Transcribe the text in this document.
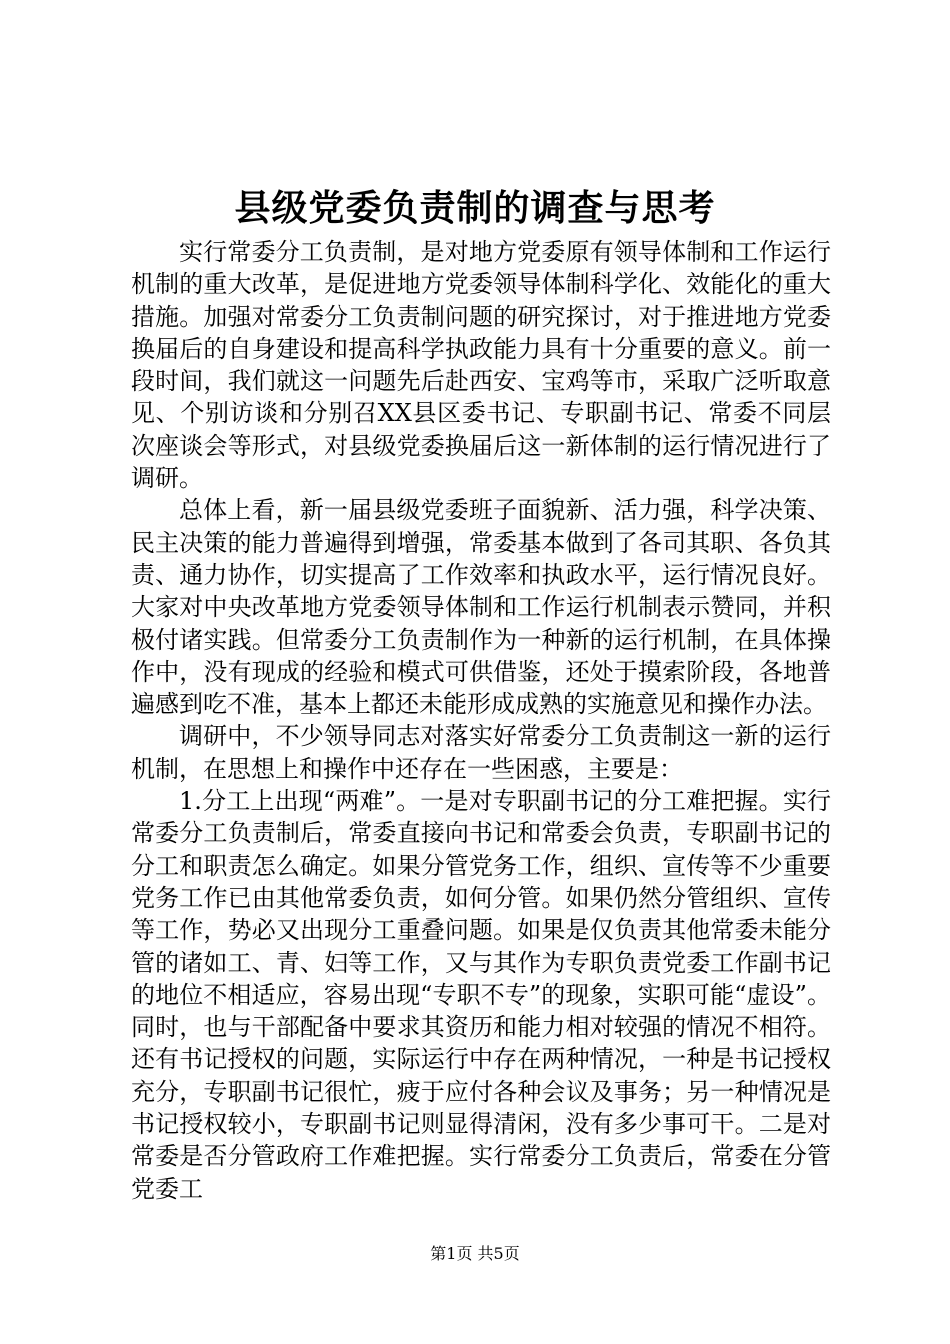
县级党委负责制的调查与思考

实行常委分工负责制，是对地方党委原有领导体制和工作运行机制的重大改革，是促进地方党委领导体制科学化、效能化的重大措施。加强对常委分工负责制问题的研究探讨，对于推进地方党委换届后的自身建设和提高科学执政能力具有十分重要的意义。前一段时间，我们就这一问题先后赴西安、宝鸡等市，采取广泛听取意见、个别访谈和分别召XX县区委书记、专职副书记、常委不同层次座谈会等形式，对县级党委换届后这一新体制的运行情况进行了调研。

总体上看，新一届县级党委班子面貌新、活力强，科学决策、民主决策的能力普遍得到增强，常委基本做到了各司其职、各负其责、通力协作，切实提高了工作效率和执政水平，运行情况良好。大家对中央改革地方党委领导体制和工作运行机制表示赞同，并积极付诸实践。但常委分工负责制作为一种新的运行机制，在具体操作中，没有现成的经验和模式可供借鉴，还处于摸索阶段，各地普遍感到吃不准，基本上都还未能形成成熟的实施意见和操作办法。

调研中，不少领导同志对落实好常委分工负责制这一新的运行机制，在思想上和操作中还存在一些困惑，主要是：

1.分工上出现“两难”。一是对专职副书记的分工难把握。实行常委分工负责制后，常委直接向书记和常委会负责，专职副书记的分工和职责怎么确定。如果分管党务工作，组织、宣传等不少重要党务工作已由其他常委负责，如何分管。如果仍然分管组织、宣传等工作，势必又出现分工重叠问题。如果是仅负责其他常委未能分管的诸如工、青、妇等工作，又与其作为专职负责党委工作副书记的地位不相适应，容易出现“专职不专”的现象，实职可能“虚设”。同时，也与干部配备中要求其资历和能力相对较强的情况不相符。还有书记授权的问题，实际运行中存在两种情况，一种是书记授权充分，专职副书记很忙，疲于应付各种会议及事务；另一种情况是书记授权较小，专职副书记则显得清闲，没有多少事可干。二是对常委是否分管政府工作难把握。实行常委分工负责后，常委在分管党委工

第1页 共5页
